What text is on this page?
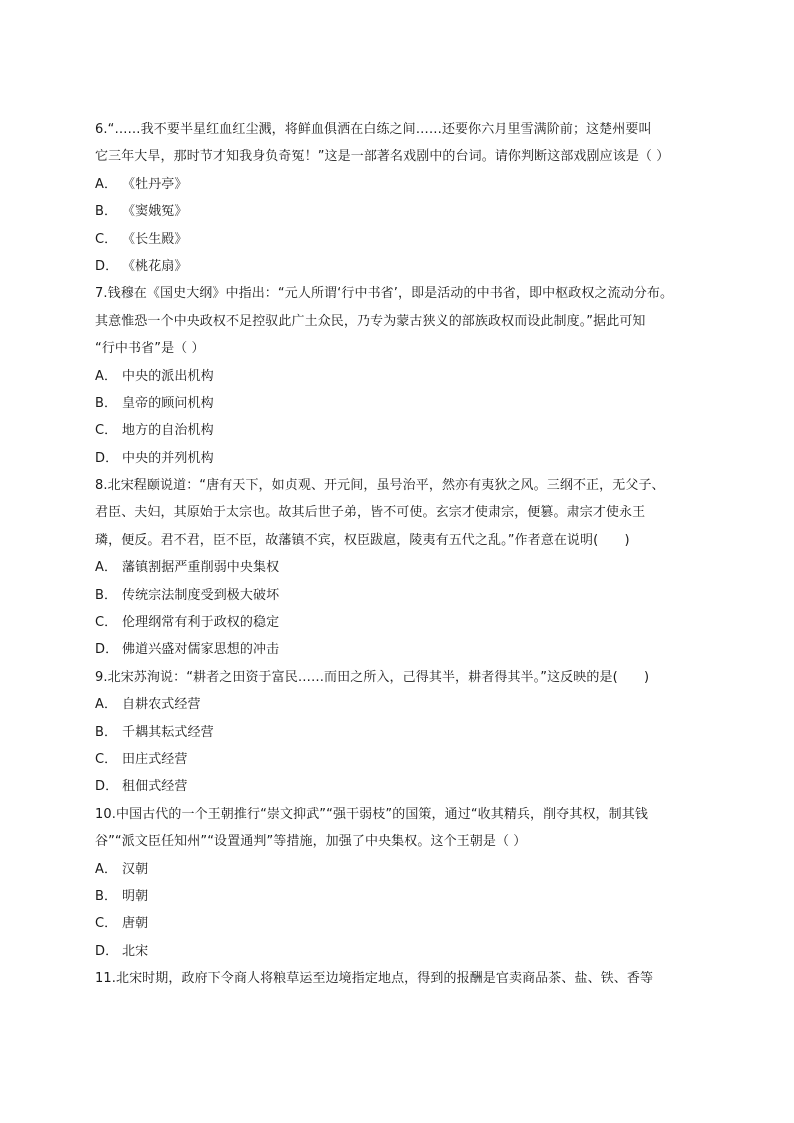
6.“……我不要半星红血红尘溅，将鲜血俱洒在白练之间……还要你六月里雪满阶前；这楚州要叫
它三年大旱，那时节才知我身负奇冤！”这是一部著名戏剧中的台词。请你判断这部戏剧应该是（ ）
A． 《牡丹亭》
B． 《窦娥冤》
C． 《长生殿》
D． 《桃花扇》
7.钱穆在《国史大纲》中指出：“元人所谓‘行中书省’，即是活动的中书省，即中枢政权之流动分布。
其意惟恐一个中央政权不足控驭此广土众民，乃专为蒙古狭义的部族政权而设此制度。”据此可知
“行中书省”是（ ）
A． 中央的派出机构
B． 皇帝的顾问机构
C． 地方的自治机构
D． 中央的并列机构
8.北宋程颐说道：“唐有天下，如贞观、开元间，虽号治平，然亦有夷狄之风。三纲不正，无父子、
君臣、夫妇，其原始于太宗也。故其后世子弟，皆不可使。玄宗才使肃宗，便篡。肃宗才使永王
璘，便反。君不君，臣不臣，故藩镇不宾，权臣跋扈，陵夷有五代之乱。”作者意在说明(　　)
A． 藩镇割据严重削弱中央集权
B． 传统宗法制度受到极大破坏
C． 伦理纲常有利于政权的稳定
D． 佛道兴盛对儒家思想的冲击
9.北宋苏洵说：“耕者之田资于富民……而田之所入，己得其半，耕者得其半。”这反映的是(　　)
A． 自耕农式经营
B． 千耦其耘式经营
C． 田庄式经营
D． 租佃式经营
10.中国古代的一个王朝推行“崇文抑武”“强干弱枝”的国策，通过“收其精兵，削夺其权，制其钱
谷”“派文臣任知州”“设置通判”等措施，加强了中央集权。这个王朝是（ ）
A． 汉朝
B． 明朝
C． 唐朝
D． 北宋
11.北宋时期，政府下令商人将粮草运至边境指定地点，得到的报酬是官卖商品茶、盐、铁、香等
